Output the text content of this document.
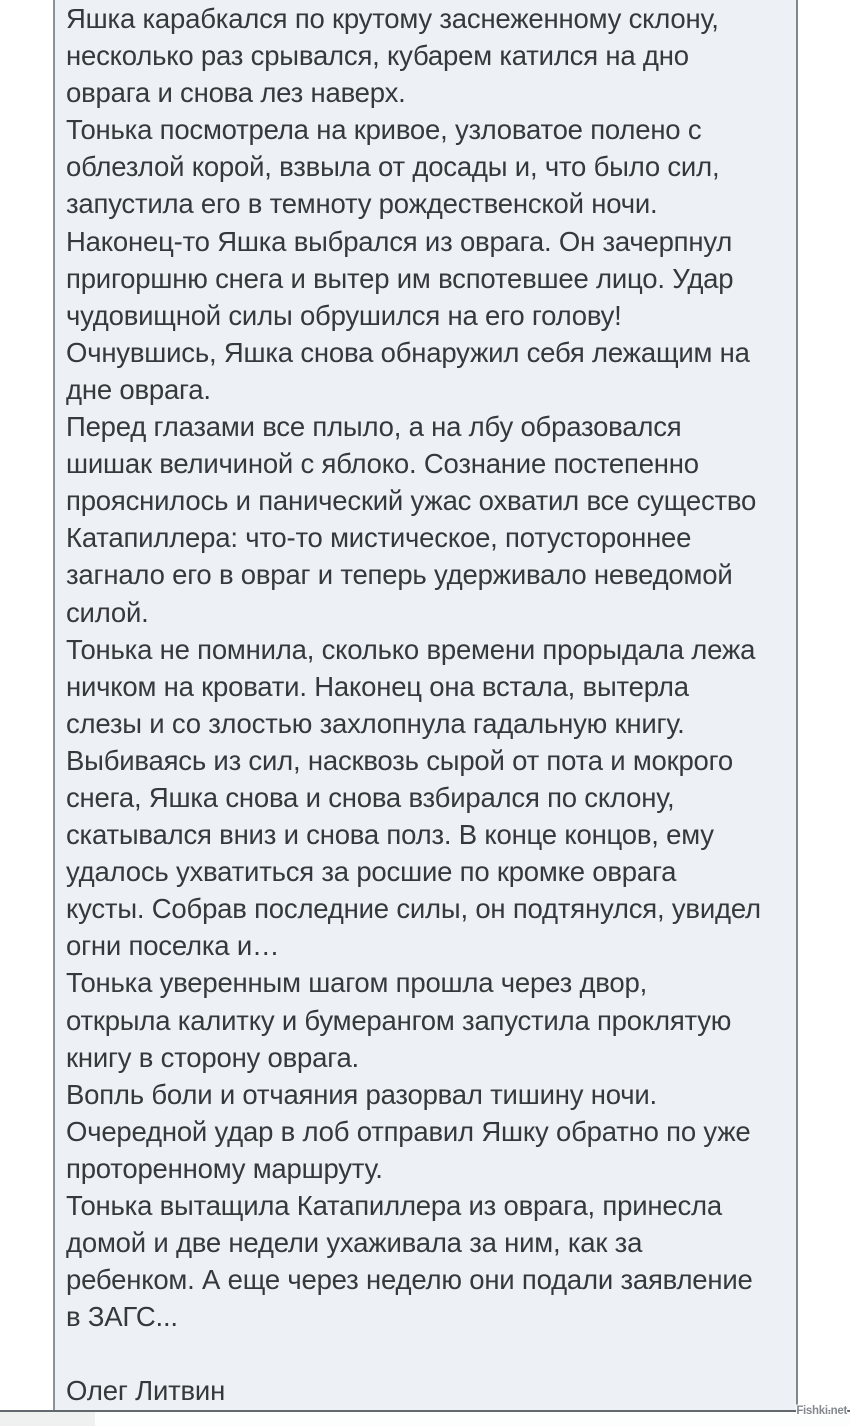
Яшка карабкался по крутому заснеженному склону,
несколько раз срывался, кубарем катился на дно
оврага и снова лез наверх.
Тонька посмотрела на кривое, узловатое полено с
облезлой корой, взвыла от досады и, что было сил,
запустила его в темноту рождественской ночи.
Наконец-то Яшка выбрался из оврага. Он зачерпнул
пригоршню снега и вытер им вспотевшее лицо. Удар
чудовищной силы обрушился на его голову!
Очнувшись, Яшка снова обнаружил себя лежащим на
дне оврага.
Перед глазами все плыло, а на лбу образовался
шишак величиной с яблоко. Сознание постепенно
прояснилось и панический ужас охватил все существо
Катапиллера: что-то мистическое, потустороннее
загнало его в овраг и теперь удерживало неведомой
силой.
Тонька не помнила, сколько времени прорыдала лежа
ничком на кровати. Наконец она встала, вытерла
слезы и со злостью захлопнула гадальную книгу.
Выбиваясь из сил, насквозь сырой от пота и мокрого
снега, Яшка снова и снова взбирался по склону,
скатывался вниз и снова полз. В конце концов, ему
удалось ухватиться за росшие по кромке оврага
кусты. Собрав последние силы, он подтянулся, увидел
огни поселка и…
Тонька уверенным шагом прошла через двор,
открыла калитку и бумерангом запустила проклятую
книгу в сторону оврага.
Вопль боли и отчаяния разорвал тишину ночи.
Очередной удар в лоб отправил Яшку обратно по уже
проторенному маршруту.
Тонька вытащила Катапиллера из оврага, принесла
домой и две недели ухаживала за ним, как за
ребенком. А еще через неделю они подали заявление
в ЗАГС...
Олег Литвин
Fishki.net
